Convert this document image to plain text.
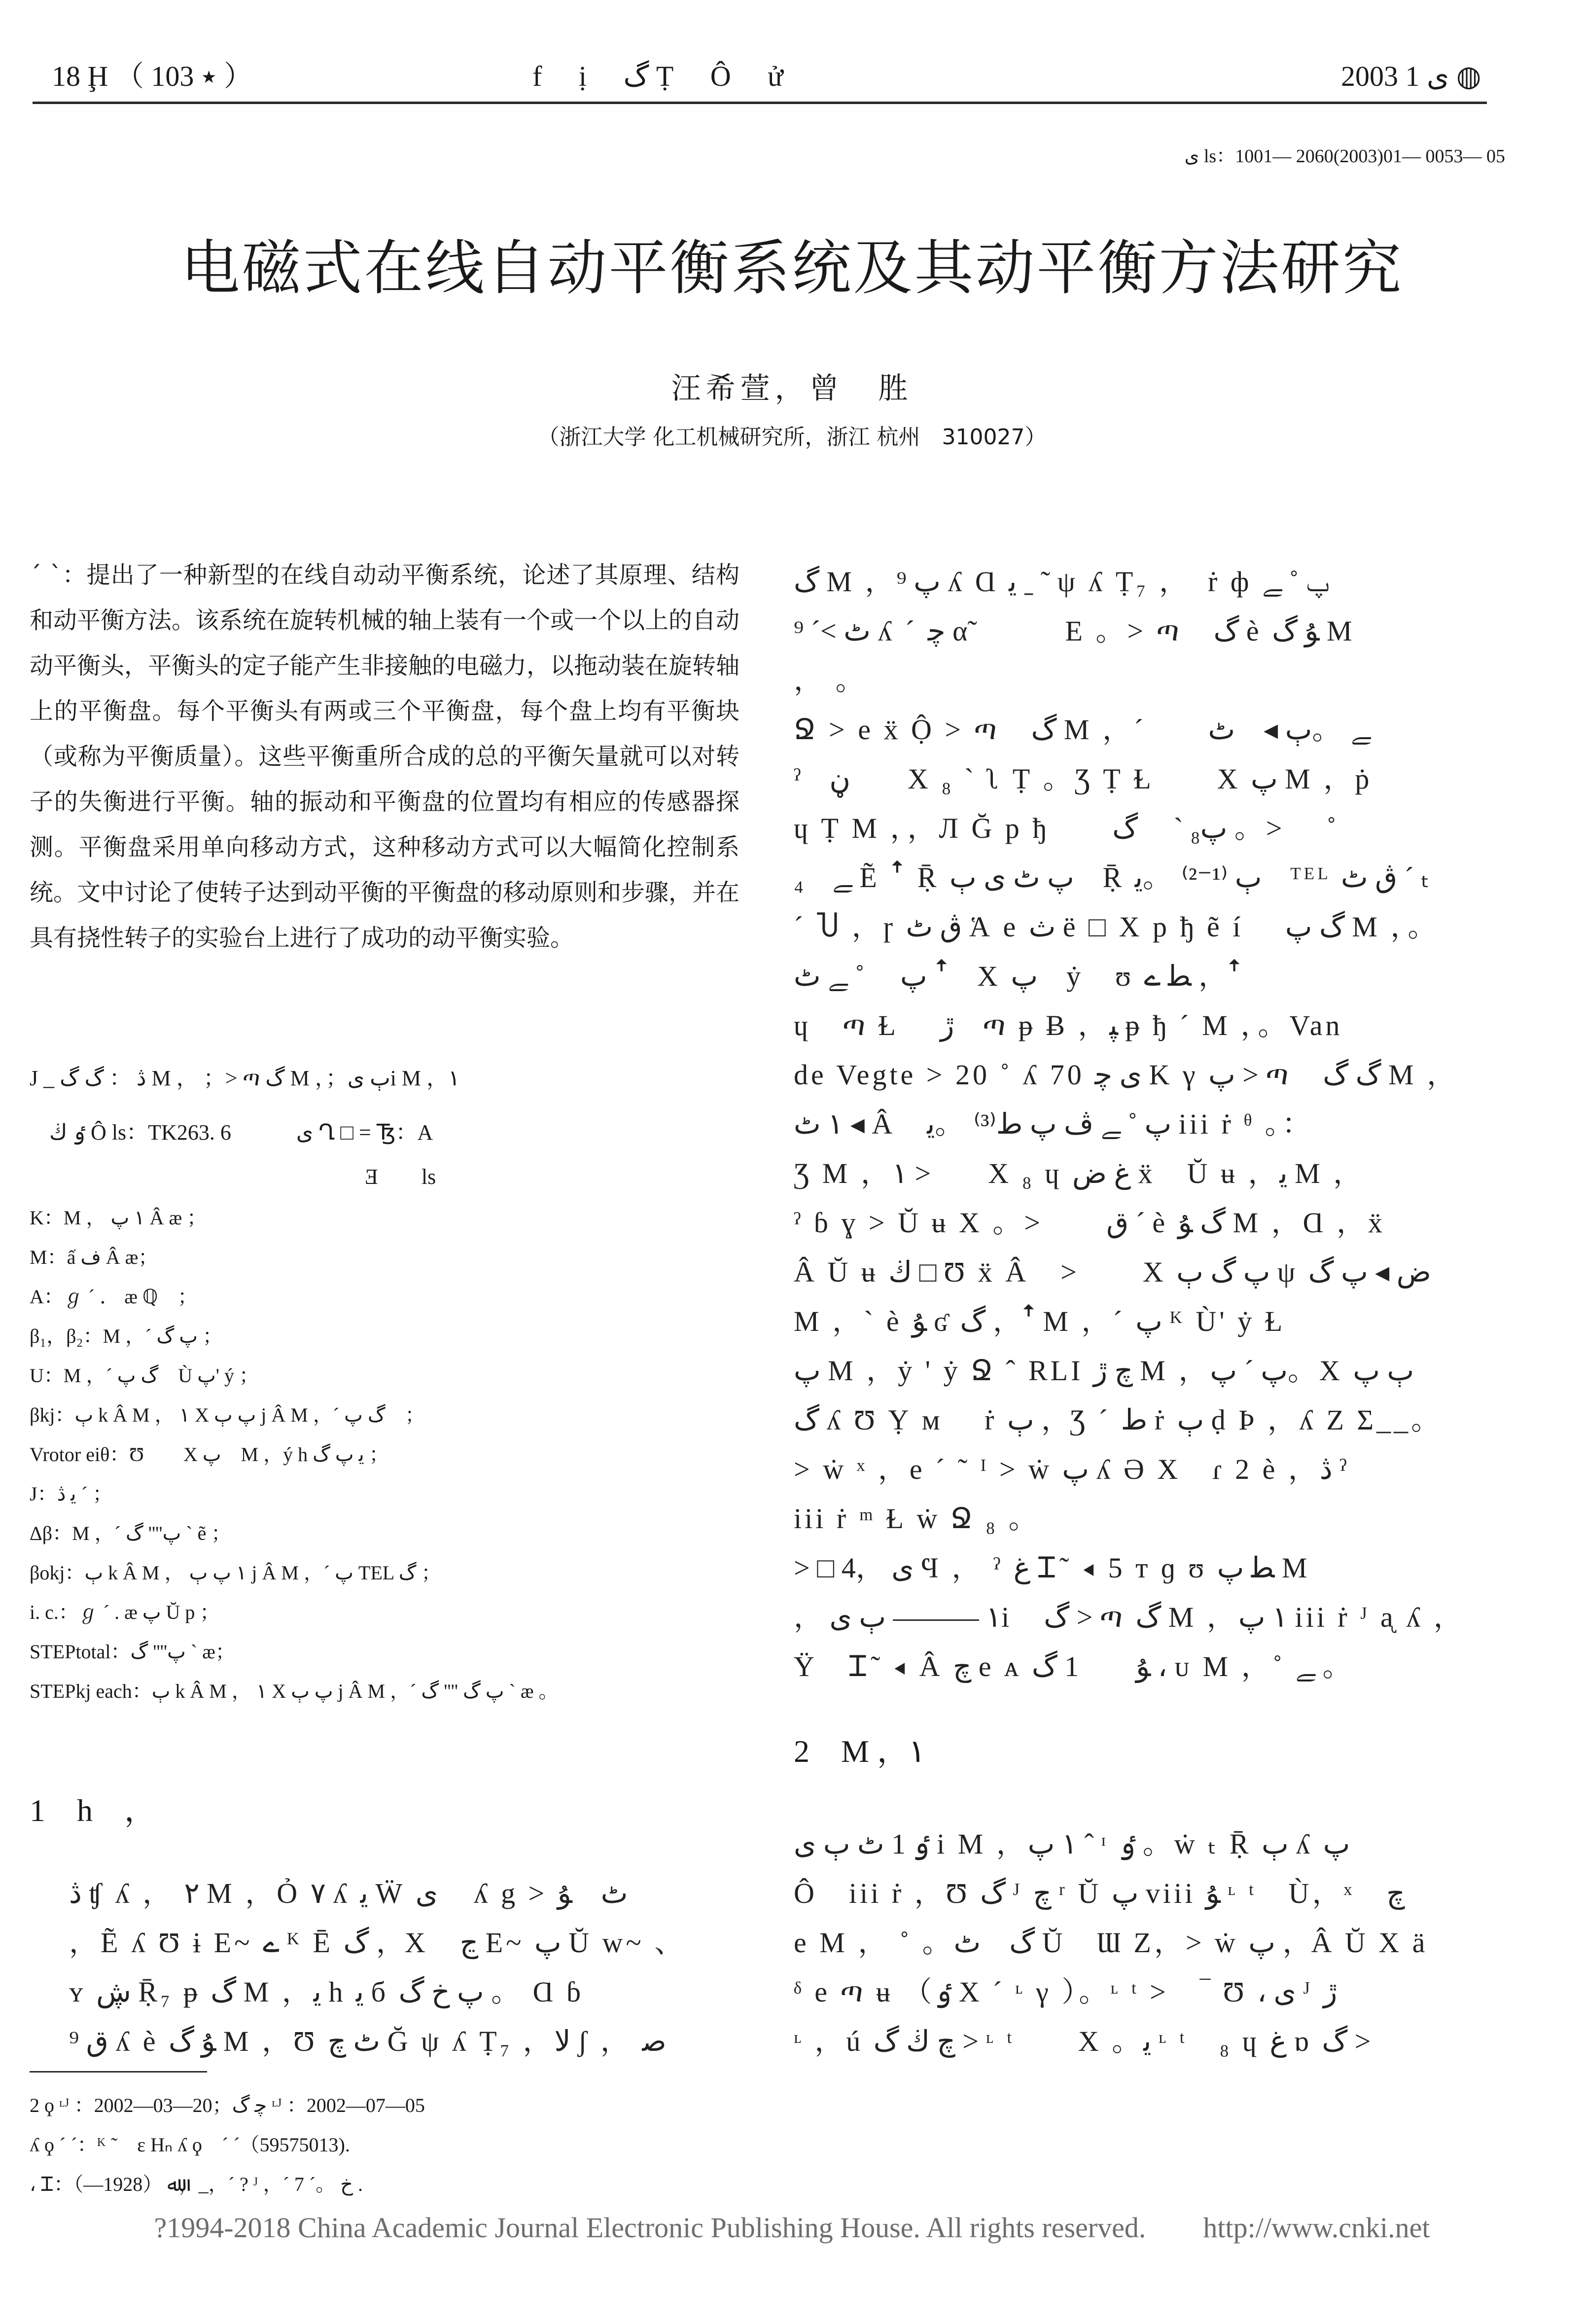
18 Ḩ （ 103 ٭ ）	f ị گ Ṭ Ô ử	2003 ى 1 ◍
ى ls：1001— 2060(2003)01— 0053— 05
电磁式在线自动平衡系统及其动平衡方法研究
汪希萱，曾　胜
（浙江大学 化工机械研究所，浙江 杭州　310027）
ˊ ˋ：提出了一种新型的在线自动动平衡系统，论述了其原理、结构和动平衡方法。该系统在旋转机械的轴上装有一个或一个以上的自动动平衡头，平衡头的定子能产生非接触的电磁力，以拖动装在旋转轴上的平衡盘。每个平衡头有两或三个平衡盘，每个盘上均有平衡块（或称为平衡质量）。这些平衡重所合成的总的平衡矢量就可以对转子的失衡进行平衡。轴的振动和平衡盘的位置均有相应的传感器探测。平衡盘采用单向移动方式，这种移动方式可以大幅简化控制系统。文中讨论了使转子达到动平衡的平衡盘的移动原则和步骤，并在具有挠性转子的实验台上进行了成功的动平衡实验。
J _ ڎ ： گ گ M ， ；> ጣ گ M ，；ﭒ ىi M ，١
ٶ ڬ Ô ls：TK263. 6　　　ى Ղ □ = Ꜩ：A
Ǝ　　ls
K：M ， ١ پ Â æ ；
M：ấ ف Â æ；
A：ℊ ˊ ． æ ℚ　；
β₁，β₂：M ，ˊ پ گ ；
U：M ，ˊ گ پ　Ù پ' ý ；
βkj：ﭒ k Â M ， ١ Χ پ ﭒ j Â M ，ˊ گ پ　；
Vrotor eiθ：Ʊ　　Χ پ　M ，ý h ﯾ پ گ ；
J：ﯾ ڎ ˊ ；
Δβ：M ，ˊ پ'''' گ ` ẽ ；
βokj：ﭒ k Â M ， ١ پ ﭒ j Â M ，ˊ پ TEL گ ；
i. c.：ℊ ˊ . æ پ Ŭ p ；
STEPtotal：پ'''' گ ` æ；
STEPkj each：ﭒ k Â M ， ١ Χ پ ﭒ j Â M ，ˊ پ گ '''' گ ` æ 。
1　h　，
ڎ ʧ ʎ ， ٢ M ，Ỏ ۷ ʎ ﯾ Ẅ ى　 ʎ g > ﭦ　ﯘ
，Ẽ ʎ Ʊ ɨ Ε~ ے ᴷ Ē گ ，Χ　ﭶ Ε~ پ Ŭ w~ 、
ʏ ڜ Ṝ₇ ᵽ گ M ，ﯾ h ﯾ б پ خ گ 。 Ɑ ɓ
ق ⁹ ʎ è ﯘ گ M ，Ʊ ٹ چ Ğ ψ ʎ Ṭ₇ ，ﻻ ʃ ， ﺻ
گ M ，پ ⁹ ʎ Ɑ ﯾ ˍ ˜ ψ ʎ Ṭ₇ ，　ṙ ф پ ˚ ﮯ
ﭦ >ˊ ⁹ ʎ ˊ ﭼ α̃　　　E 。> ጣ　گ è ﯘ گ M
， 。
Ջ > e ẍ Ộ > ጣ　گ M ，ˊ ﮯ 。ﭒ ◂　ﭦ اٜ
ˀ　ڼ　　Χ ₈ ` ʅ Ṭ 。Ʒ Ṭ Ɫ　　Χ پ M ，ṗ
ɥ Ṭ M ，，Л Ğ p ђ　　پ₈ `　 گ 。>　 ˚
ﮯ　₄ Ẽ ꜛ Ṝ پ ﭦ ى ﭒ　Ṝ ﭒ ⁽¹⁻²⁾ 。ﯾ　ᵀᴱᴸ ڨ ﭦ ˊ ₜ
ˊ Ⴎ ，ɼ ڨ ﭦ Ἁ e ث ë □ Χ p ђ ẽ í　 گ پ M ，。
ﭖ　 ˚ ﮯ ﭦ ꜛ　Χ پ　ẏ　ʊ ﻄ ے ，ꜛ
ɥ　ጣ Ɫ　 ڙ　ጣ ᵽ Ƀ ，ﭙ ᵽ ђ ˊ M ，。Van
de Vegte > 20 ˚ ʎ 70 ى ﭼ K γ پ > ጣ　گ گ M ，
١ ﭦ ◂ Â　ﭖ ˚ ﮯ ڤ پ ط⁽³⁾ 。ﯾ iii ṙ ᶿ 。：
Ʒ M ，١ >　　Χ ₈ ɥ غ ﺽ ẍ　Ŭ ʉ ，ﯾ M ，
ˀ ɓ ɣ > Ŭ ʉ Χ 。>　　ق ˊ è گ ﯘ M ，Ɑ ，ẍ
Â Ŭ ʉ ڬ □ Ʊ ẍ Â　>　　Χ پ گ ﭒ ψ ﺽ ◂ پ گ
M ，` è ﯘ ʛ گ ，ꜛ M ，ˊ پ ᴷ Ù' ẏ Ɫ
پ M ，ẏ ' ẏ Ջ ˆ RLI چ ڙ M ，پ ˊ پ。Χ ﭒ پ
گ ʎ Ʊ Ỵ ᴍ　 ṙ ﭒ ，Ʒ ˊ ط ṙ ﭒ ḍ Ϸ ，ʎ Ζ Σ__。
> ẇ ˣ ，e ˊ ˜ ᴵ > ẇ پ ʎ Ə Χ　ɾ 2 è ，ڎ ˀ
iii ṙ ᵐ Ɫ ẇ Ջ ₈ 。
> □ ى ，4 Ϥ ， ˀ غ Ꮖ˜ ◂ 5 ᴛ ɡ ʊ ﻄ پ M
， ١ ——— ﭒ ىi　گ > ጣ گ M ，١ پ iii ṙ ᴶ ᶏ ʎ ，
Ÿ　Ꮖ˜ ◂ Â چ e ᴀ ﯘ　　1 گ ، ᴜ M ，˚ ﮯ 。
2　M ，١
ٶ 1 ﭦ ﭒ ى i M ，١ پ ˆ ᶦ ٶ 。ẇ ₜ Ṝ ﭒ ʎ پ
Ô　iii ṙ ，Ʊ گ ᴶ چ ʳ Ŭ پ viii ﯘ ᶫ ᵗ　Ù，ˣ　چ
e M ， ˚ 。گ　ﭦ Ŭ　Ɯ Ζ，> ẇ پ ，Â Ŭ Χ ä
ᵟ e ጣ ʉ （ٶ Χ ˊ ᶫ γ ）。ᶫ ᵗ >　‾ Ʊ ، ى ᴶ ڙ
ᶫ ，ú ﭺ ڬ گ > ᶫ ᵗ　　Χ 。ﯾ ᶫ ᵗ　₈ ɥ غ ɒ گ >
2 ϙ ᶫᴶ ：2002—03—20；ﭼ گ ᶫᴶ ：2002—07—05
ʎ ϙ ˊ ˊ：ᴷ ˜　ɛ Hₙ ʎ ϙ　ˊ ˊ（59575013).
، Ꮖ：ﷲ （1928—），_，ˊ ? ᴶ ，ˊ خ 。ˊ 7 .
?1994-2018 China Academic Journal Electronic Publishing House. All rights reserved.　　http://www.cnki.net
